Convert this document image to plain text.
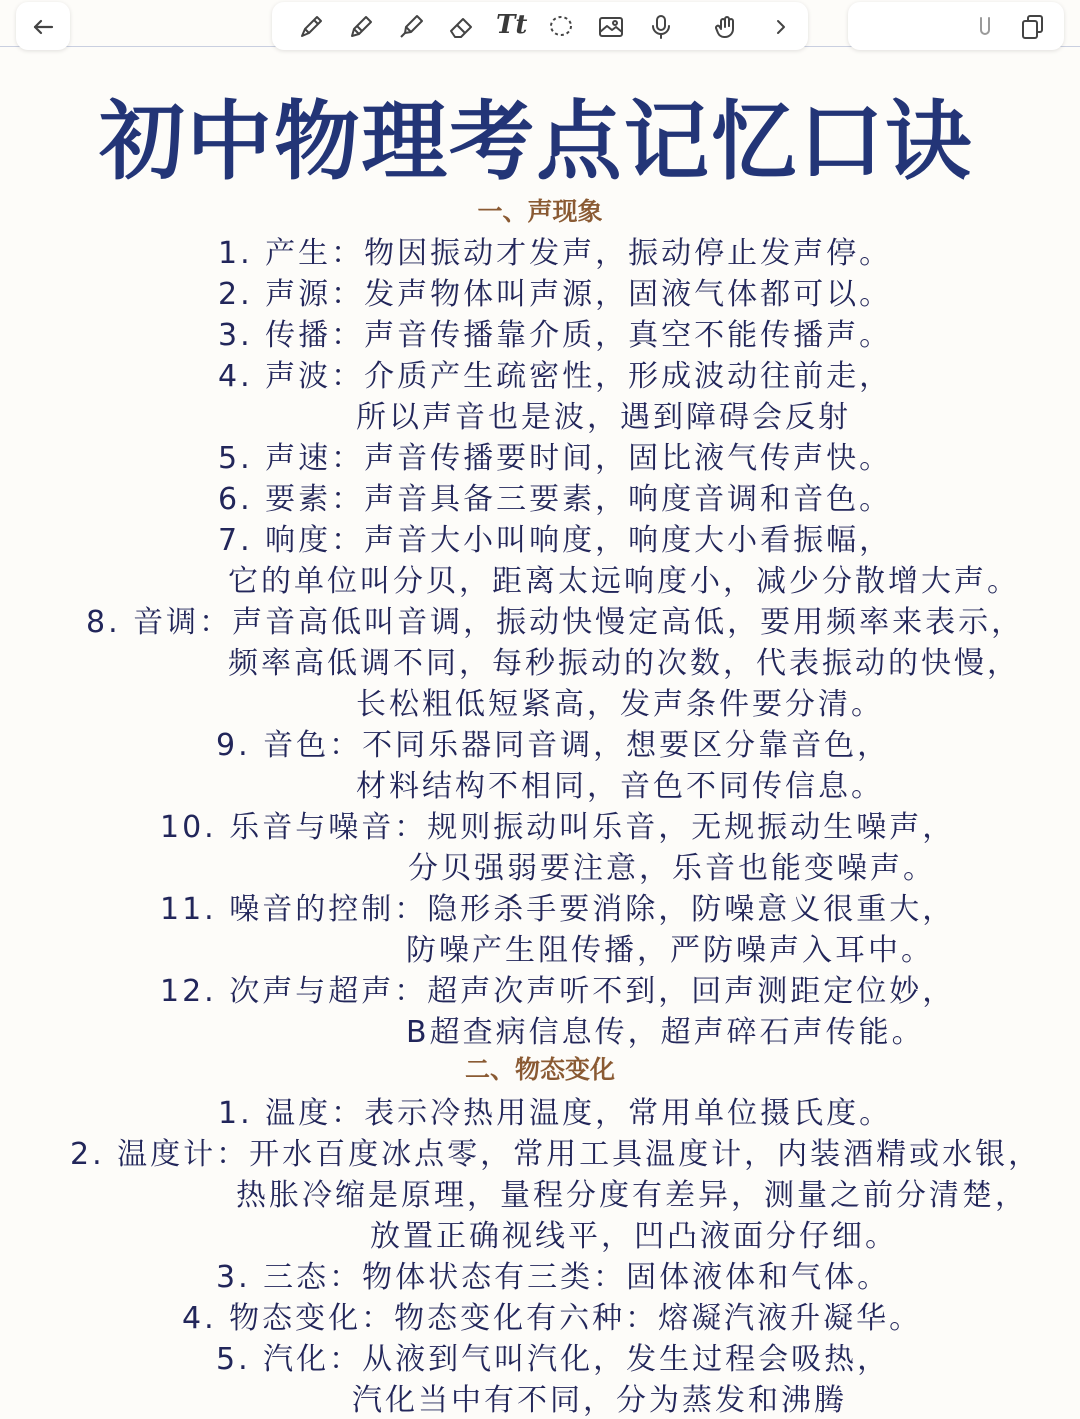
Tt
初中物理考点记忆口诀
一、声现象
1. 产生：物因振动才发声，振动停止发声停。
2. 声源：发声物体叫声源，固液气体都可以。
3. 传播：声音传播靠介质，真空不能传播声。
4. 声波：介质产生疏密性，形成波动往前走，
所以声音也是波，遇到障碍会反射
5. 声速：声音传播要时间，固比液气传声快。
6. 要素：声音具备三要素，响度音调和音色。
7. 响度：声音大小叫响度，响度大小看振幅，
它的单位叫分贝，距离太远响度小，减少分散增大声。
8. 音调：声音高低叫音调，振动快慢定高低，要用频率来表示，
频率高低调不同，每秒振动的次数，代表振动的快慢，
长松粗低短紧高，发声条件要分清。
9. 音色：不同乐器同音调，想要区分靠音色，
材料结构不相同，音色不同传信息。
10. 乐音与噪音：规则振动叫乐音，无规振动生噪声，
分贝强弱要注意，乐音也能变噪声。
11. 噪音的控制：隐形杀手要消除，防噪意义很重大，
防噪产生阻传播，严防噪声入耳中。
12. 次声与超声：超声次声听不到，回声测距定位妙，
B超查病信息传，超声碎石声传能。
二、物态变化
1. 温度：表示冷热用温度，常用单位摄氏度。
2. 温度计：开水百度冰点零，常用工具温度计，内装酒精或水银，
热胀冷缩是原理，量程分度有差异，测量之前分清楚，
放置正确视线平，凹凸液面分仔细。
3. 三态：物体状态有三类：固体液体和气体。
4. 物态变化：物态变化有六种：熔凝汽液升凝华。
5. 汽化：从液到气叫汽化，发生过程会吸热，
汽化当中有不同，分为蒸发和沸腾
